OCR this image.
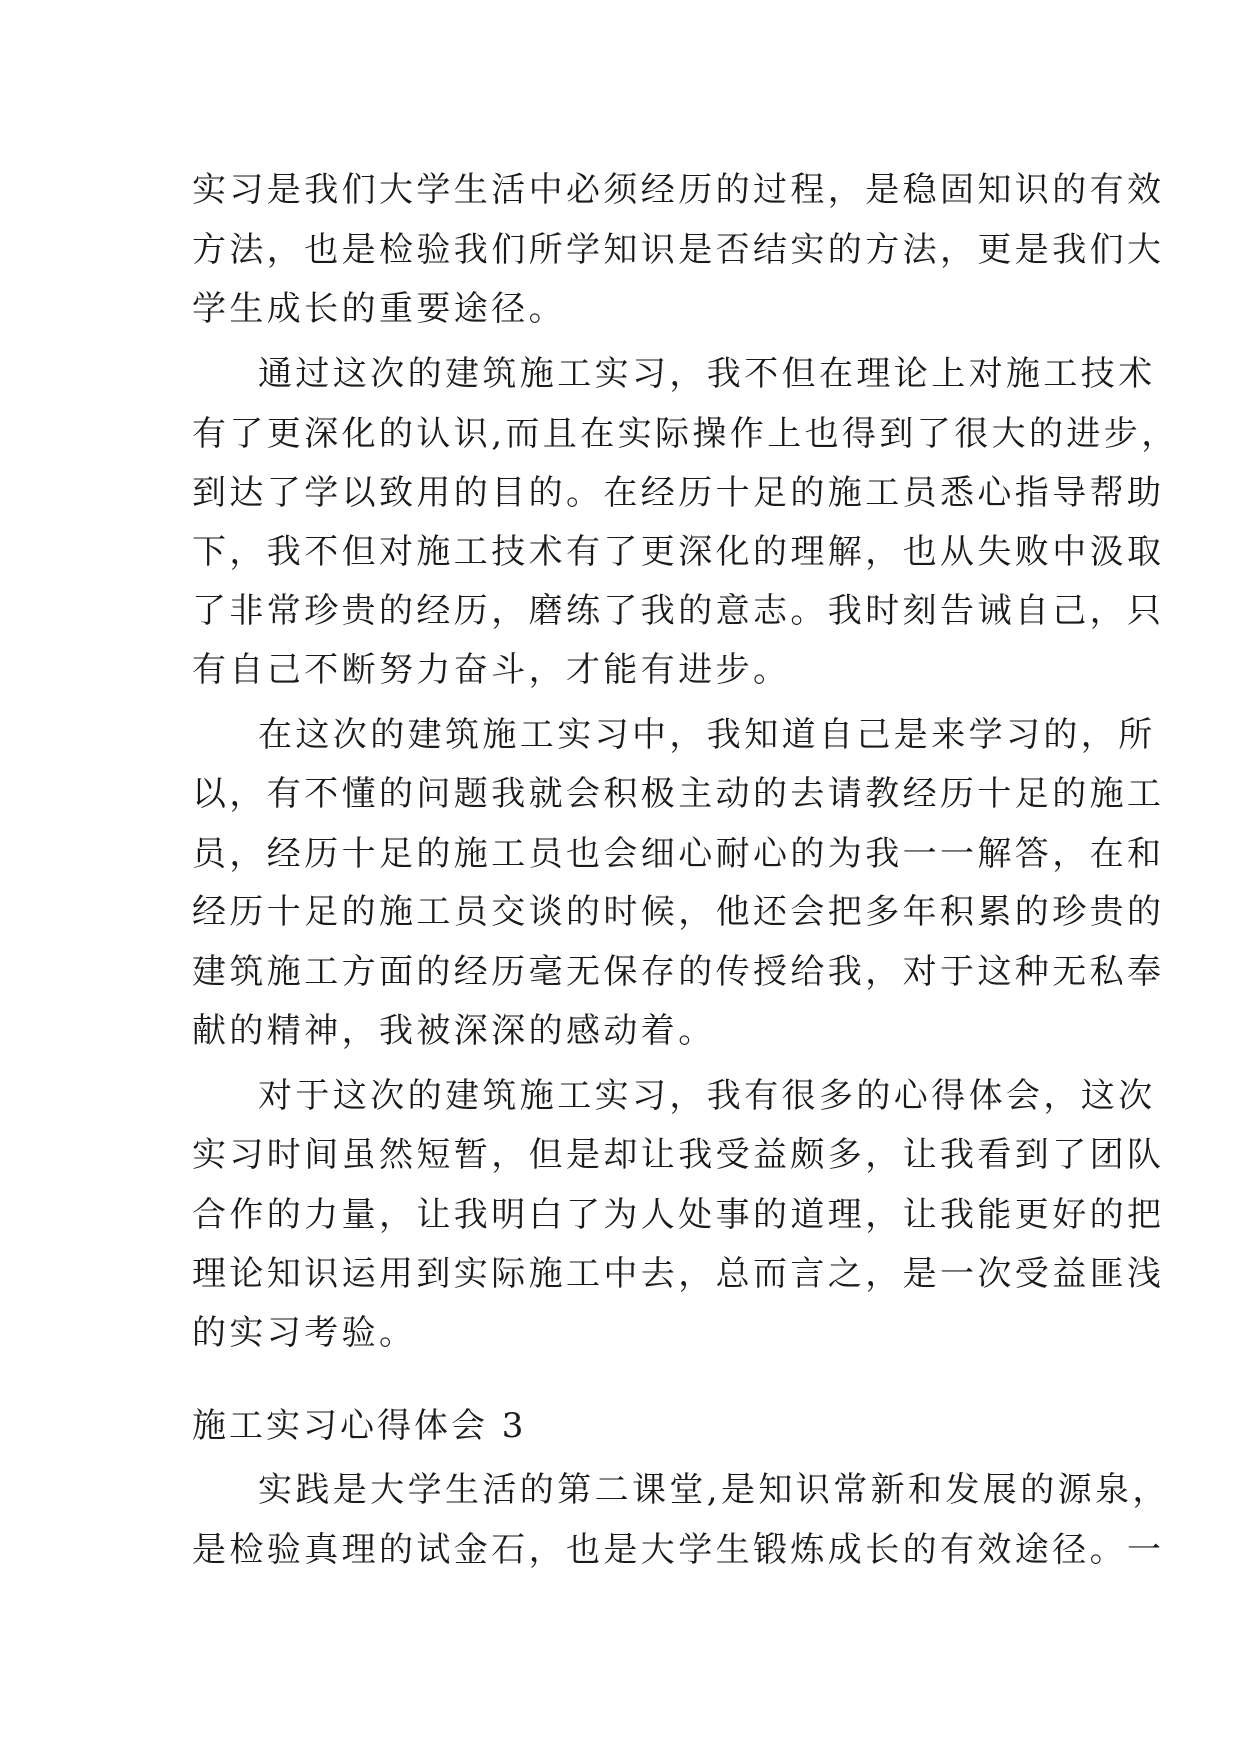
实习是我们大学生活中必须经历的过程，是稳固知识的有效
方法，也是检验我们所学知识是否结实的方法，更是我们大
学生成长的重要途径。
通过这次的建筑施工实习，我不但在理论上对施工技术
有了更深化的认识,而且在实际操作上也得到了很大的进步，
到达了学以致用的目的。在经历十足的施工员悉心指导帮助
下，我不但对施工技术有了更深化的理解，也从失败中汲取
了非常珍贵的经历，磨练了我的意志。我时刻告诫自己，只
有自己不断努力奋斗，才能有进步。
在这次的建筑施工实习中，我知道自己是来学习的，所
以，有不懂的问题我就会积极主动的去请教经历十足的施工
员，经历十足的施工员也会细心耐心的为我一一解答，在和
经历十足的施工员交谈的时候，他还会把多年积累的珍贵的
建筑施工方面的经历毫无保存的传授给我，对于这种无私奉
献的精神，我被深深的感动着。
对于这次的建筑施工实习，我有很多的心得体会，这次
实习时间虽然短暂，但是却让我受益颇多，让我看到了团队
合作的力量，让我明白了为人处事的道理，让我能更好的把
理论知识运用到实际施工中去，总而言之，是一次受益匪浅
的实习考验。
施工实习心得体会 3
实践是大学生活的第二课堂,是知识常新和发展的源泉，
是检验真理的试金石，也是大学生锻炼成长的有效途径。一
